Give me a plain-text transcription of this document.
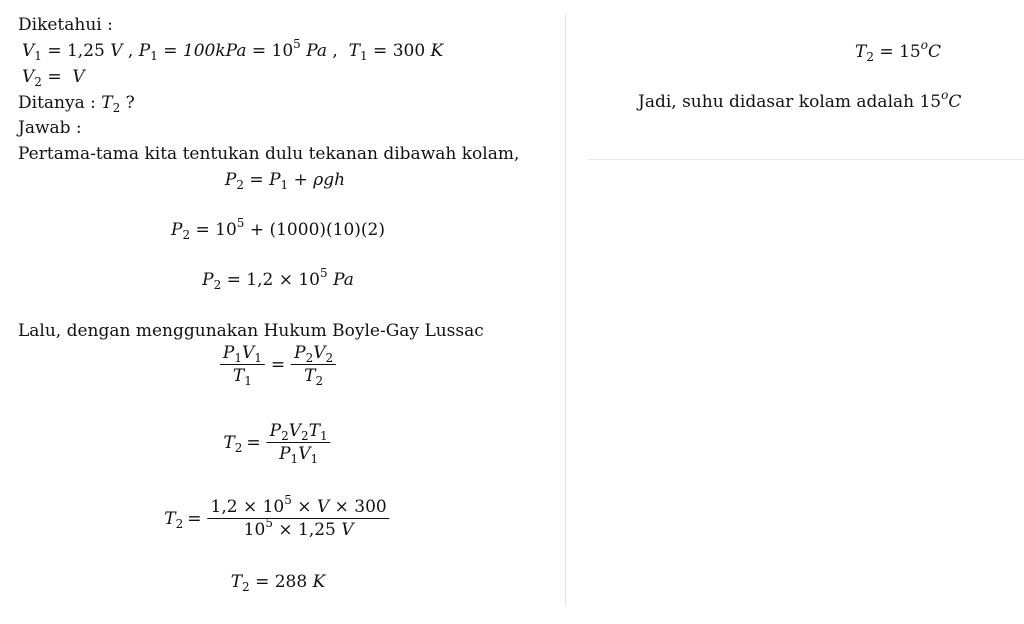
Diketahui :
$V_1 = 1,25$ V , $P_1 = 100kPa = 10^5$ Pa ,  $T_1 = 300$ K
$V_2 = V$
Ditanya : $T_2$ ?
Jawab :
Pertama-tama kita tentukan dulu tekanan dibawah kolam,
$P_2 = P_1 + \rho gh$
$P_2 = 10^5 + (1000)(10)(2)$
$P_2 = 1,2 \times 10^5$ Pa
Lalu, dengan menggunakan Hukum Boyle-Gay Lussac
$\frac{P_1V_1}{T_1} = \frac{P_2V_2}{T_2}$
$T_2 = \frac{P_2V_2T_1}{P_1V_1}$
$T_2 = \frac{1,2 \times 10^5 \times V \times 300}{10^5 \times 1,25 V}$
$T_2 = 288$ K
$T_2 = 15^oC$
Jadi, suhu didasar kolam adalah 15$^o$C
